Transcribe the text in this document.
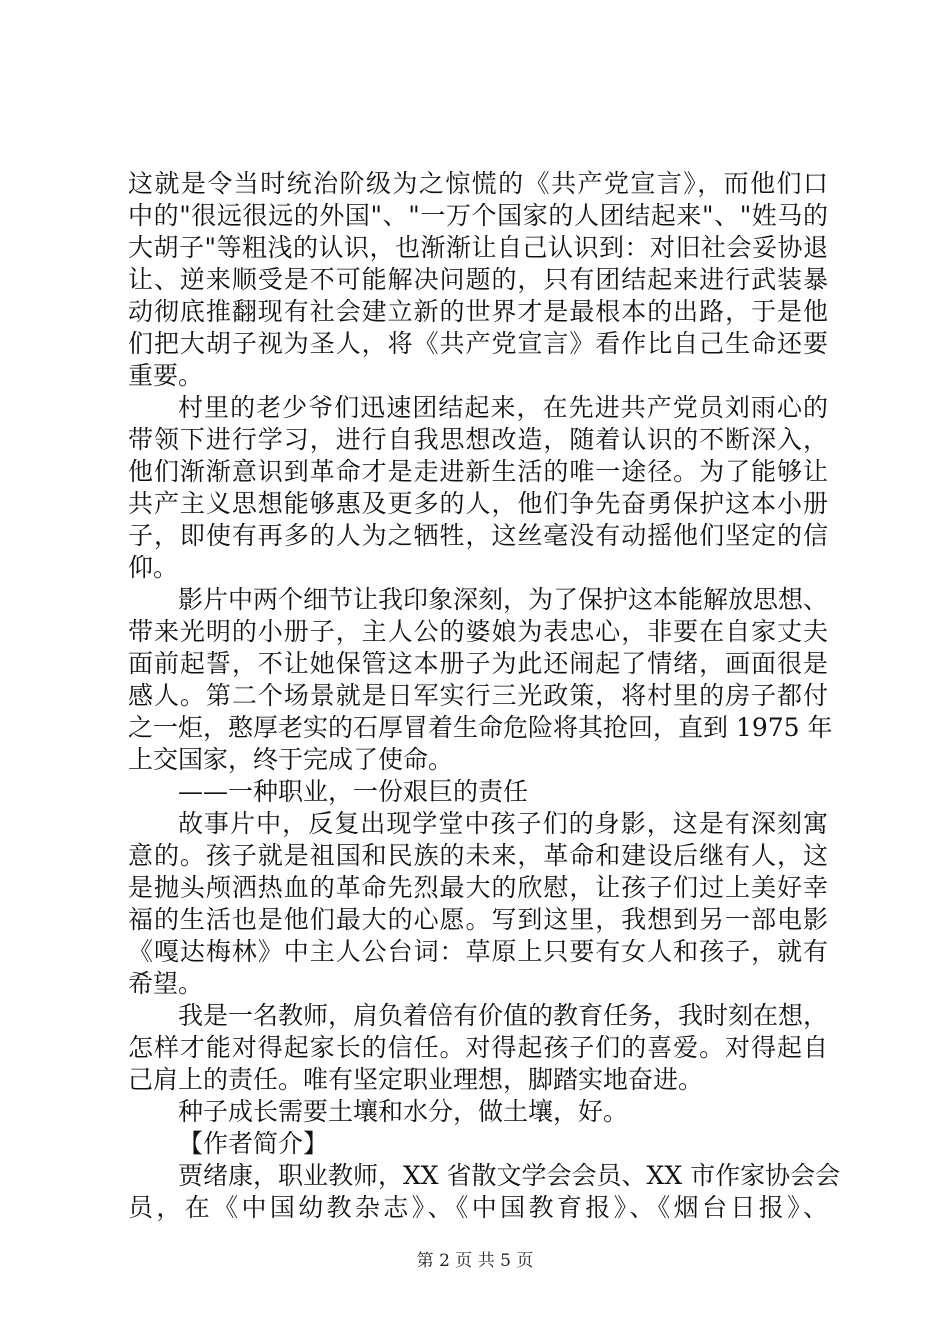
这就是令当时统治阶级为之惊慌的《共产党宣言》，而他们口
中的"很远很远的外国"、"一万个国家的人团结起来"、"姓马的
大胡子"等粗浅的认识，也渐渐让自己认识到：对旧社会妥协退
让、逆来顺受是不可能解决问题的，只有团结起来进行武装暴
动彻底推翻现有社会建立新的世界才是最根本的出路，于是他
们把大胡子视为圣人，将《共产党宣言》看作比自己生命还要
重要。
村里的老少爷们迅速团结起来，在先进共产党员刘雨心的
带领下进行学习，进行自我思想改造，随着认识的不断深入，
他们渐渐意识到革命才是走进新生活的唯一途径。为了能够让
共产主义思想能够惠及更多的人，他们争先奋勇保护这本小册
子，即使有再多的人为之牺牲，这丝毫没有动摇他们坚定的信
仰。
影片中两个细节让我印象深刻，为了保护这本能解放思想、
带来光明的小册子，主人公的婆娘为表忠心，非要在自家丈夫
面前起誓，不让她保管这本册子为此还闹起了情绪，画面很是
感人。第二个场景就是日军实行三光政策，将村里的房子都付
之一炬，憨厚老实的石厚冒着生命危险将其抢回，直到 1975 年
上交国家，终于完成了使命。
——一种职业，一份艰巨的责任
故事片中，反复出现学堂中孩子们的身影，这是有深刻寓
意的。孩子就是祖国和民族的未来，革命和建设后继有人，这
是抛头颅洒热血的革命先烈最大的欣慰，让孩子们过上美好幸
福的生活也是他们最大的心愿。写到这里，我想到另一部电影
《嘎达梅林》中主人公台词：草原上只要有女人和孩子，就有
希望。
我是一名教师，肩负着倍有价值的教育任务，我时刻在想，
怎样才能对得起家长的信任。对得起孩子们的喜爱。对得起自
己肩上的责任。唯有坚定职业理想，脚踏实地奋进。
种子成长需要土壤和水分，做土壤，好。
【作者简介】
贾绪康，职业教师，XX 省散文学会会员、XX 市作家协会会
员，在《中国幼教杂志》、《中国教育报》、《烟台日报》、
第 2 页 共 5 页
